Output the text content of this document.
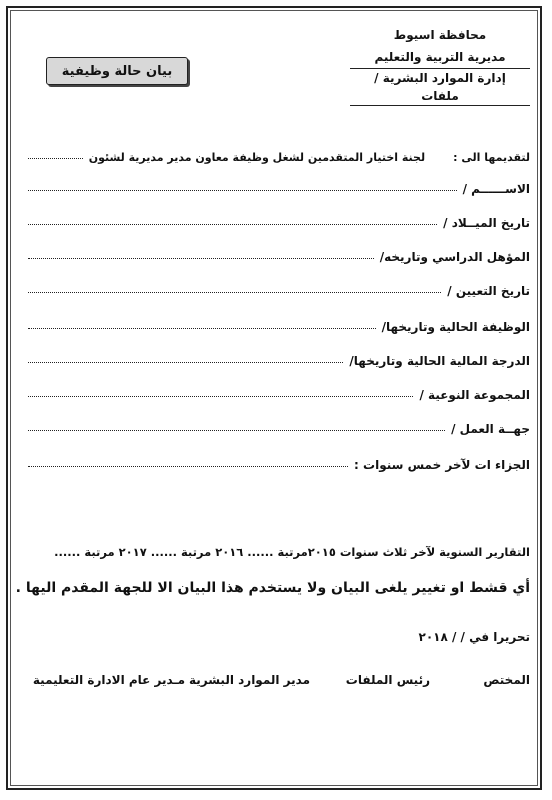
محافظة اسيوط
مديرية التربية والتعليم
إدارة الموارد البشرية / ملفات
بيان حالة وظيفية
لتقديمها الى :
لجنة اختيار المتقدمين لشغل وظيفة معاون مدير مديرية لشئون
الاســــــم /
تاريخ الميــلاد /
المؤهل الدراسي وتاريخه/
تاريخ التعيين /
الوظيفة الحالية وتاريخها/
الدرجة المالية الحالية وتاريخها/
المجموعة النوعية /
جهــة العمل /
الجزاء ات لآخر خمس سنوات :
التقارير السنوية لآخر ثلاث سنوات ٢٠١٥مرتبة ...... ٢٠١٦ مرتبة ...... ٢٠١٧ مرتبة ......
أي قشط او تغيير يلغى البيان ولا يستخدم هذا البيان الا للجهة المقدم اليها .
تحريرا في / / ٢٠١٨
المختص
رئيس الملفات
مدير الموارد البشرية
مـدير عام الادارة التعليمية
